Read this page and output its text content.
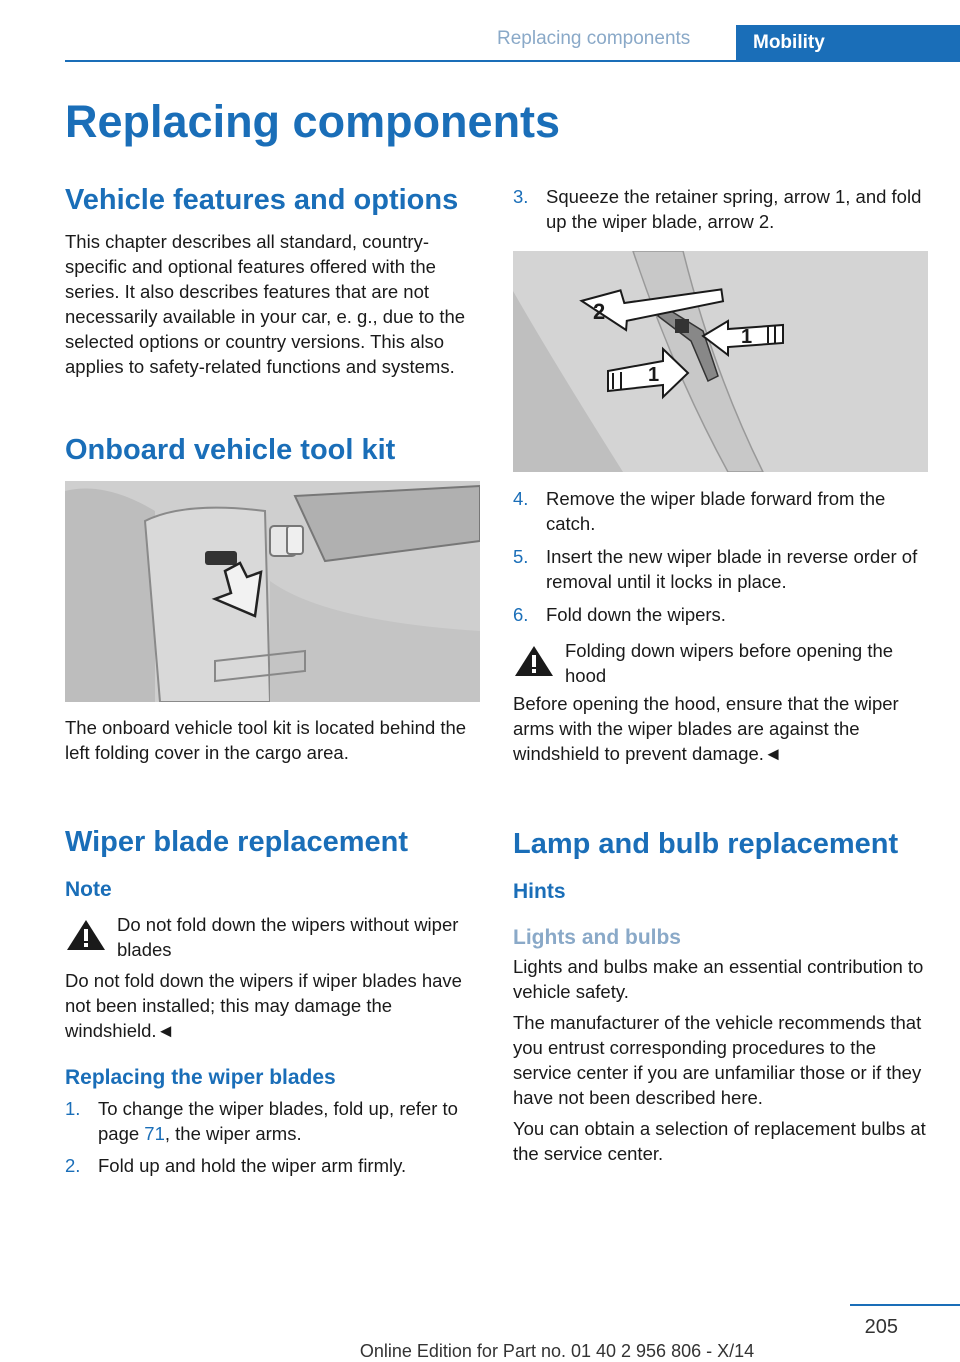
Replacing components	Mobility
Replacing components
Vehicle features and options

This chapter describes all standard, country-specific and optional features offered with the series. It also describes features that are not necessarily available in your car, e. g., due to the selected options or country versions. This also applies to safety-related functions and systems.

Onboard vehicle tool kit

The onboard vehicle tool kit is located behind the left folding cover in the cargo area.

Wiper blade replacement
Note
Do not fold down the wipers without wiper blades

Do not fold down the wipers if wiper blades have not been installed; this may damage the windshield.◄

Replacing the wiper blades
1. To change the wiper blades, fold up, refer to page 71, the wiper arms.
2. Fold up and hold the wiper arm firmly.
3. Squeeze the retainer spring, arrow 1, and fold up the wiper blade, arrow 2.
2
1
1
4. Remove the wiper blade forward from the catch.
5. Insert the new wiper blade in reverse order of removal until it locks in place.
6. Fold down the wipers.
Folding down wipers before opening the hood

Before opening the hood, ensure that the wiper arms with the wiper blades are against the windshield to prevent damage.◄

Lamp and bulb replacement
Hints
Lights and bulbs

Lights and bulbs make an essential contribution to vehicle safety.

The manufacturer of the vehicle recommends that you entrust corresponding procedures to the service center if you are unfamiliar those or if they have not been described here.

You can obtain a selection of replacement bulbs at the service center.

205
Online Edition for Part no. 01 40 2 956 806 - X/14
